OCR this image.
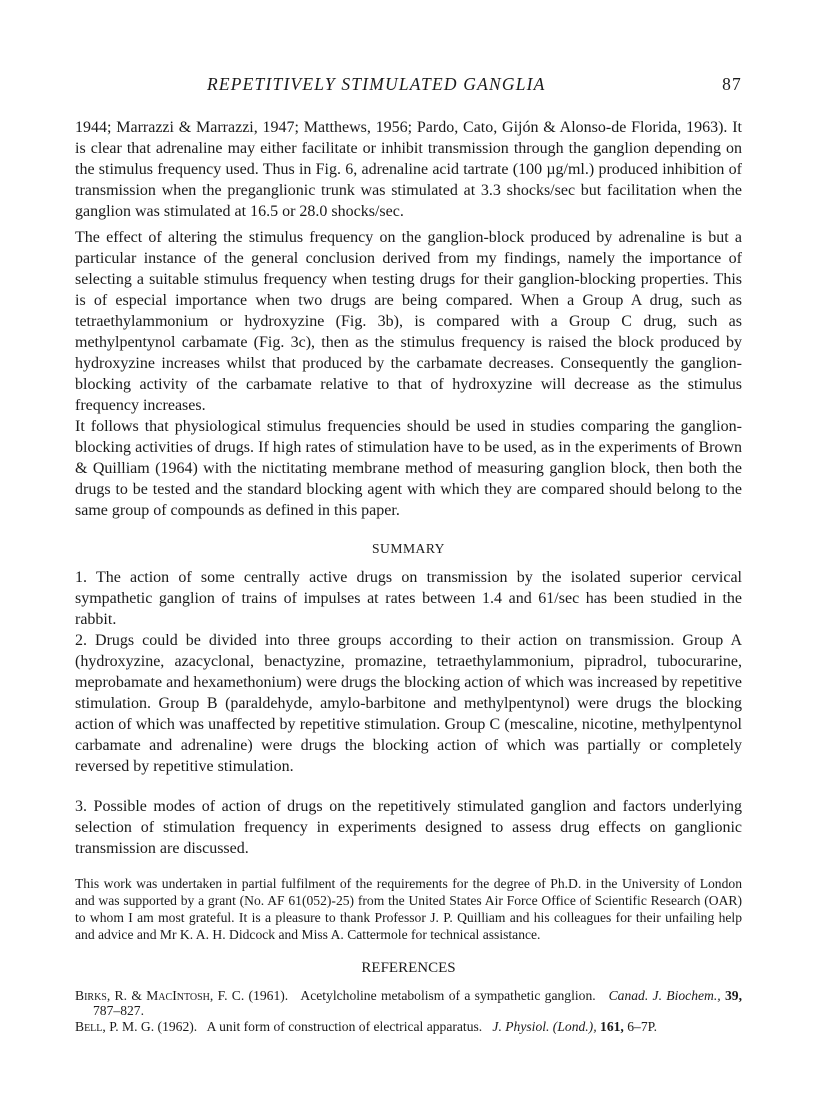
REPETITIVELY STIMULATED GANGLIA	87

1944; Marrazzi & Marrazzi, 1947; Matthews, 1956; Pardo, Cato, Gijón & Alonso-de Florida, 1963). It is clear that adrenaline may either facilitate or inhibit transmission through the ganglion depending on the stimulus frequency used. Thus in Fig. 6, adrenaline acid tartrate (100 µg/ml.) produced inhibition of transmission when the preganglionic trunk was stimulated at 3.3 shocks/sec but facilitation when the ganglion was stimulated at 16.5 or 28.0 shocks/sec.

The effect of altering the stimulus frequency on the ganglion-block produced by adrenaline is but a particular instance of the general conclusion derived from my findings, namely the importance of selecting a suitable stimulus frequency when testing drugs for their ganglion-blocking properties. This is of especial importance when two drugs are being compared. When a Group A drug, such as tetraethylammonium or hydroxyzine (Fig. 3b), is compared with a Group C drug, such as methylpentynol carbamate (Fig. 3c), then as the stimulus frequency is raised the block produced by hydroxyzine increases whilst that produced by the carbamate decreases. Consequently the ganglion-blocking activity of the carbamate relative to that of hydroxyzine will decrease as the stimulus frequency increases.

It follows that physiological stimulus frequencies should be used in studies comparing the ganglion-blocking activities of drugs. If high rates of stimulation have to be used, as in the experiments of Brown & Quilliam (1964) with the nictitating membrane method of measuring ganglion block, then both the drugs to be tested and the standard blocking agent with which they are compared should belong to the same group of compounds as defined in this paper.

SUMMARY

1. The action of some centrally active drugs on transmission by the isolated superior cervical sympathetic ganglion of trains of impulses at rates between 1.4 and 61/sec has been studied in the rabbit.

2. Drugs could be divided into three groups according to their action on transmission. Group A (hydroxyzine, azacyclonal, benactyzine, promazine, tetraethylammonium, pipradrol, tubocurarine, meprobamate and hexamethonium) were drugs the blocking action of which was increased by repetitive stimulation. Group B (paraldehyde, amylo-barbitone and methylpentynol) were drugs the blocking action of which was unaffected by repetitive stimulation. Group C (mescaline, nicotine, methylpentynol carbamate and adrenaline) were drugs the blocking action of which was partially or completely reversed by repetitive stimulation.

3. Possible modes of action of drugs on the repetitively stimulated ganglion and factors underlying selection of stimulation frequency in experiments designed to assess drug effects on ganglionic transmission are discussed.

This work was undertaken in partial fulfilment of the requirements for the degree of Ph.D. in the University of London and was supported by a grant (No. AF 61(052)-25) from the United States Air Force Office of Scientific Research (OAR) to whom I am most grateful. It is a pleasure to thank Professor J. P. Quilliam and his colleagues for their unfailing help and advice and Mr K. A. H. Didcock and Miss A. Cattermole for technical assistance.

REFERENCES
Birks, R. & MacIntosh, F. C. (1961). Acetylcholine metabolism of a sympathetic ganglion. Canad. J. Biochem., 39, 787–827.
Bell, P. M. G. (1962). A unit form of construction of electrical apparatus. J. Physiol. (Lond.), 161, 6–7P.
